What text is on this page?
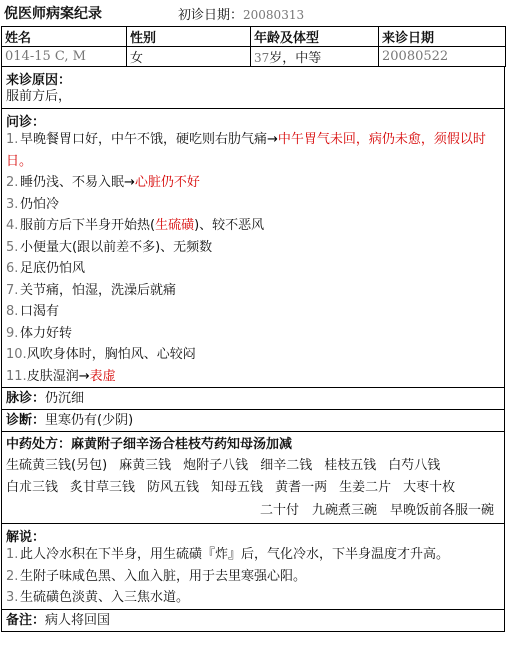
倪医师病案纪录	初诊日期：20080313
姓名	性别	年龄及体型	来诊日期
014-15 C, M	女	37岁，中等	20080522
来诊原因：
服前方后，
问诊：
1. 早晚餐胃口好，中午不饿，硬吃则右肋气痛→中午胃气未回，病仍未愈，须假以时日。
2. 睡仍浅、不易入眠→心脏仍不好
3. 仍怕冷
4. 服前方后下半身开始热(生硫磺)、较不恶风
5. 小便量大(跟以前差不多)、无频数
6. 足底仍怕风
7. 关节痛，怕湿，洗澡后就痛
8. 口渴有
9. 体力好转
10.风吹身体时，胸怕风、心较闷
11.皮肤湿润→表虚
脉诊：仍沉细
诊断：里寒仍有(少阴)
中药处方：麻黄附子细辛汤合桂枝芍药知母汤加减
生硫黄三钱(另包) 麻黄三钱 炮附子八钱 细辛二钱 桂枝五钱 白芍八钱白朮三钱 炙甘草三钱 防风五钱 知母五钱 黄耆一两 生姜二片 大枣十枚
二十付　九碗煮三碗　早晚饭前各服一碗
解说：
1. 此人冷水积在下半身，用生硫磺『炸』后，气化冷水，下半身温度才升高。
2. 生附子味咸色黑、入血入脏，用于去里寒强心阳。
3. 生硫磺色淡黄、入三焦水道。
备注：病人将回国
